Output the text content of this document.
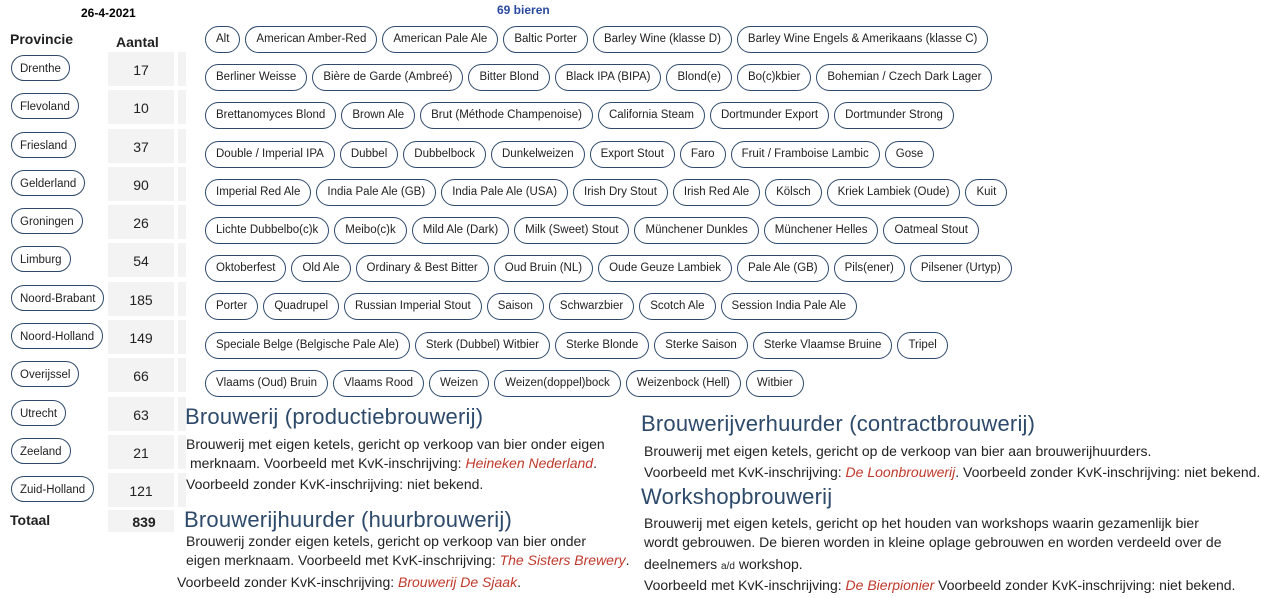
26-4-2021
Provincie	Aantal
Drenthe	17
Flevoland	10
Friesland	37
Gelderland	90
Groningen	26
Limburg	54
Noord-Brabant	185
Noord-Holland	149
Overijssel	66
Utrecht	63
Zeeland	21
Zuid-Holland	121
Totaal	839
69 bieren
Alt	American Amber-Red	American Pale Ale	Baltic Porter	Barley Wine (klasse D)	Barley Wine Engels & Amerikaans (klasse C)
Berliner Weisse	Bière de Garde (Ambreé)	Bitter Blond	Black IPA (BIPA)	Blond(e)	Bo(c)kbier	Bohemian / Czech Dark Lager
Brettanomyces Blond	Brown Ale	Brut (Méthode Champenoise)	California Steam	Dortmunder Export	Dortmunder Strong
Double / Imperial IPA	Dubbel	Dubbelbock	Dunkelweizen	Export Stout	Faro	Fruit / Framboise Lambic	Gose
Imperial Red Ale	India Pale Ale (GB)	India Pale Ale (USA)	Irish Dry Stout	Irish Red Ale	Kölsch	Kriek Lambiek (Oude)	Kuit
Lichte Dubbelbo(c)k	Meibo(c)k	Mild Ale (Dark)	Milk (Sweet) Stout	Münchener Dunkles	Münchener Helles	Oatmeal Stout
Oktoberfest	Old Ale	Ordinary & Best Bitter	Oud Bruin (NL)	Oude Geuze Lambiek	Pale Ale (GB)	Pils(ener)	Pilsener (Urtyp)
Porter	Quadrupel	Russian Imperial Stout	Saison	Schwarzbier	Scotch Ale	Session India Pale Ale
Speciale Belge (Belgische Pale Ale)	Sterk (Dubbel) Witbier	Sterke Blonde	Sterke Saison	Sterke Vlaamse Bruine	Tripel
Vlaams (Oud) Bruin	Vlaams Rood	Weizen	Weizen(doppel)bock	Weizenbock (Hell)	Witbier
Brouwerij (productiebrouwerij)
Brouwerij met eigen ketels, gericht op verkoop van bier onder eigen
merknaam. Voorbeeld met KvK-inschrijving: Heineken Nederland.
Voorbeeld zonder KvK-inschrijving: niet bekend.
Brouwerijhuurder (huurbrouwerij)
Brouwerij zonder eigen ketels, gericht op verkoop van bier onder
eigen merknaam. Voorbeeld met KvK-inschrijving: The Sisters Brewery.
Voorbeeld zonder KvK-inschrijving: Brouwerij De Sjaak.
Brouwerijverhuurder (contractbrouwerij)
Brouwerij met eigen ketels, gericht op de verkoop van bier aan brouwerijhuurders.
Voorbeeld met KvK-inschrijving: De Loonbrouwerij. Voorbeeld zonder KvK-inschrijving: niet bekend.
Workshopbrouwerij
Brouwerij met eigen ketels, gericht op het houden van workshops waarin gezamenlijk bier
wordt gebrouwen. De bieren worden in kleine oplage gebrouwen en worden verdeeld over de
deelnemers a/d workshop.
Voorbeeld met KvK-inschrijving: De Bierpionier Voorbeeld zonder KvK-inschrijving: niet bekend.
